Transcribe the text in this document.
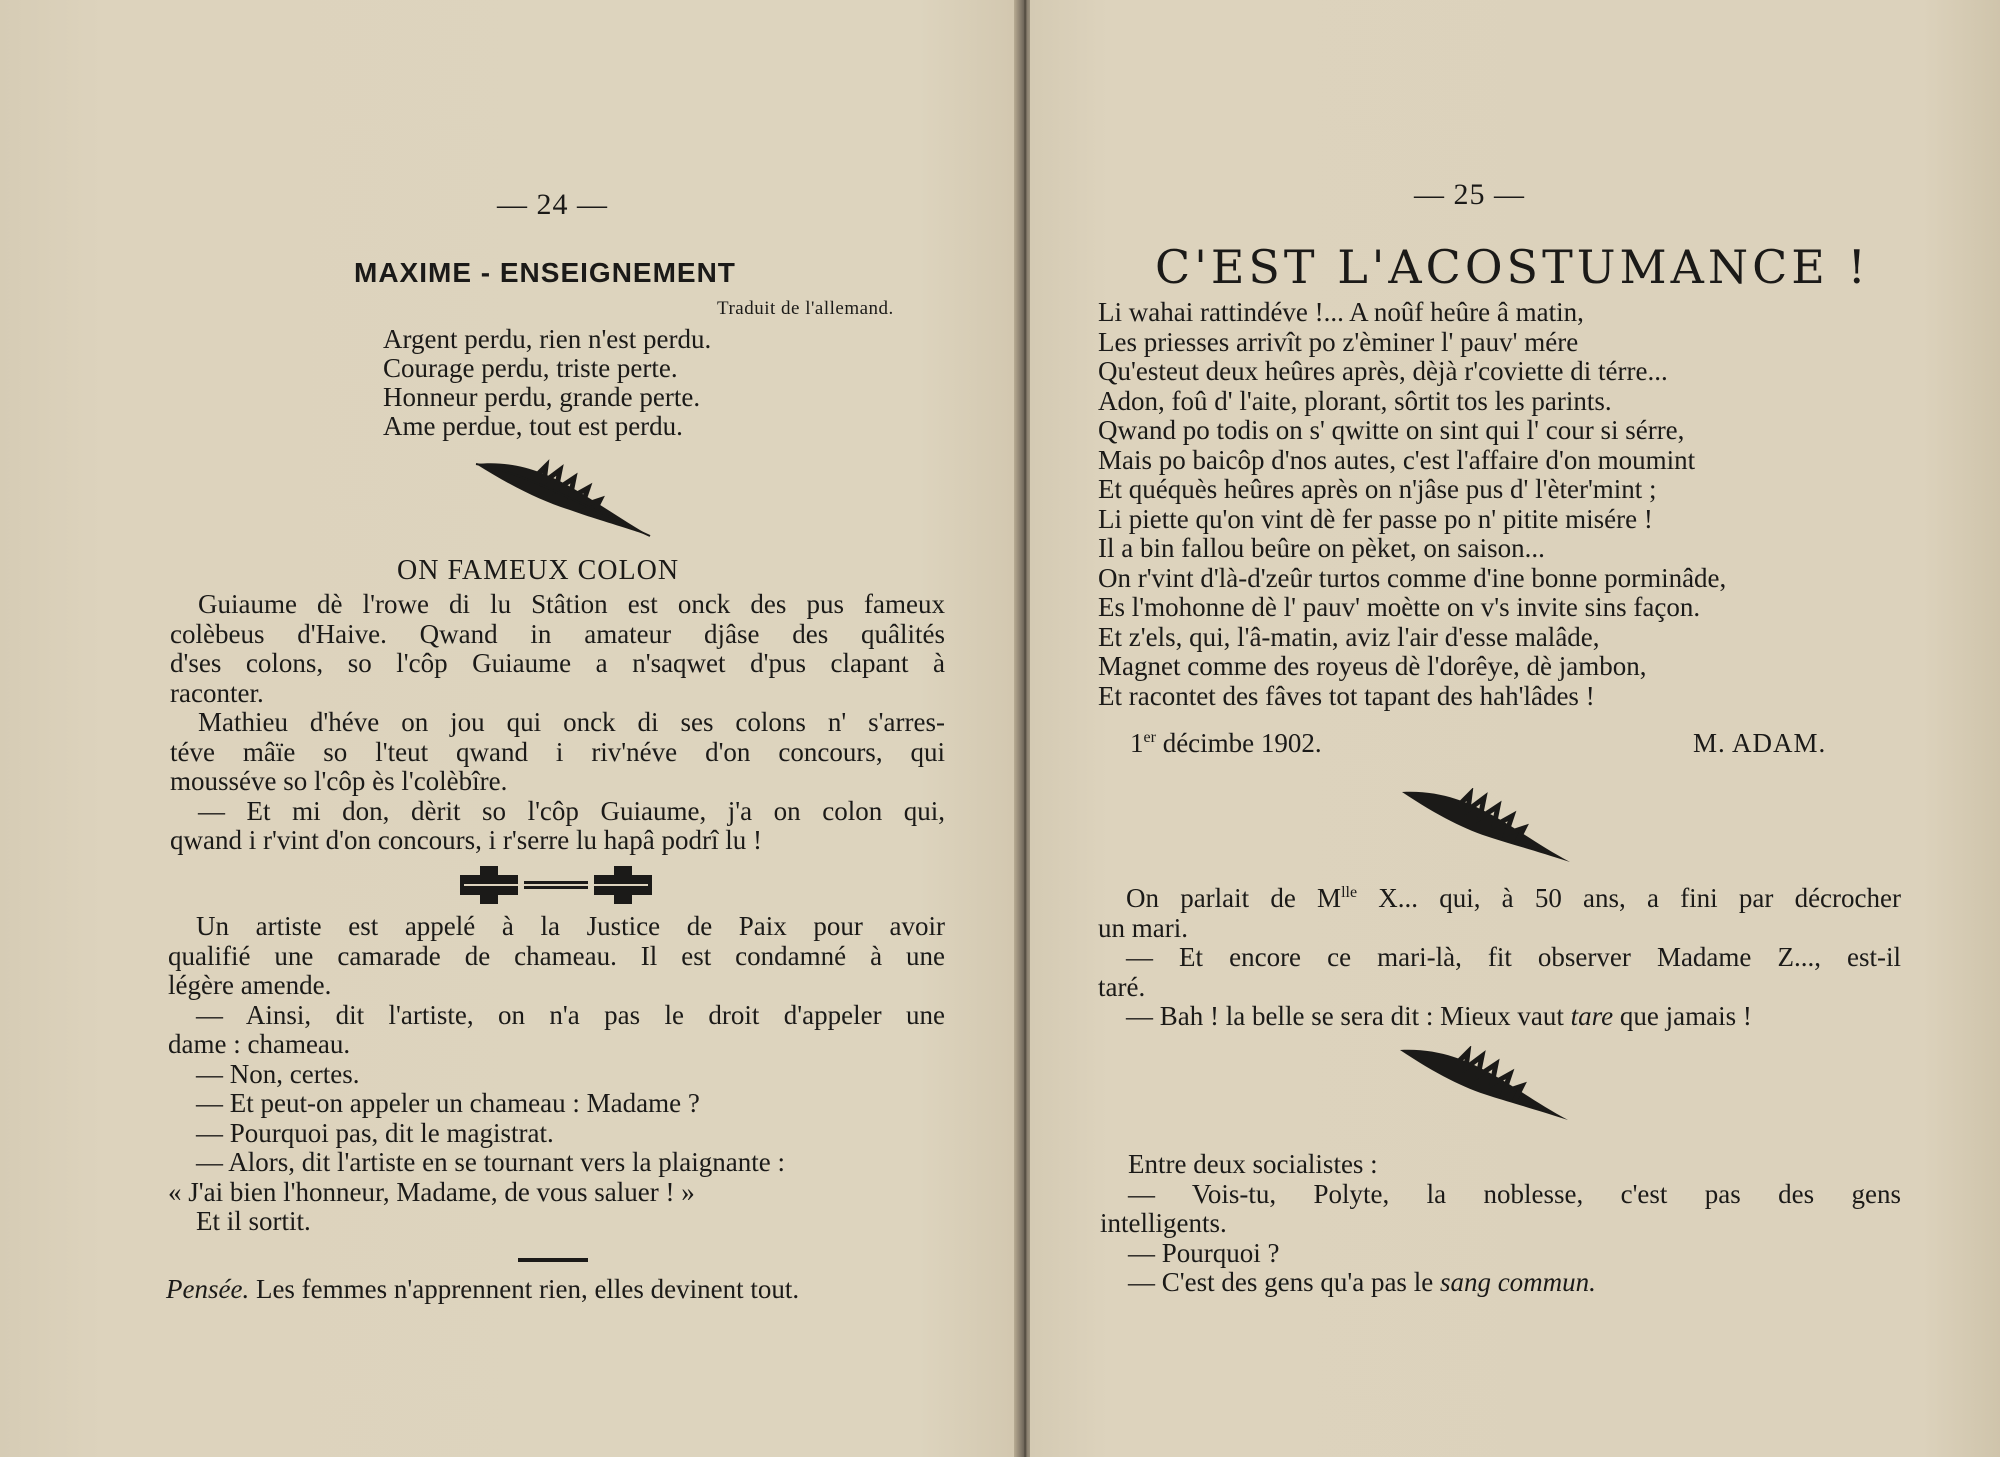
— 24 —
MAXIME - ENSEIGNEMENT
Traduit de l'allemand.
Argent perdu, rien n'est perdu.
Courage perdu, triste perte.
Honneur perdu, grande perte.
Ame perdue, tout est perdu.
ON FAMEUX COLON
Guiaume dè l'rowe di lu Stâtion est onck des pus fameux
colèbeus d'Haive. Qwand in amateur djâse des quâlités
d'ses colons, so l'côp Guiaume a n'saqwet d'pus clapant à
raconter.
Mathieu d'héve on jou qui onck di ses colons n' s'arres-
téve mâïe so l'teut qwand i riv'néve d'on concours, qui
mousséve so l'côp ès l'colèbîre.
— Et mi don, dèrit so l'côp Guiaume, j'a on colon qui,
qwand i r'vint d'on concours, i r'serre lu hapâ podrî lu !
Un artiste est appelé à la Justice de Paix pour avoir
qualifié une camarade de chameau. Il est condamné à une
légère amende.
— Ainsi, dit l'artiste, on n'a pas le droit d'appeler une
dame : chameau.
— Non, certes.
— Et peut-on appeler un chameau : Madame ?
— Pourquoi pas, dit le magistrat.
— Alors, dit l'artiste en se tournant vers la plaignante :
« J'ai bien l'honneur, Madame, de vous saluer ! »
Et il sortit.
Pensée. Les femmes n'apprennent rien, elles devinent tout.
— 25 —
C'EST L'ACOSTUMANCE !
Li wahai rattindéve !... A noûf heûre â matin,
Les priesses arrivît po z'èminer l' pauv' mére
Qu'esteut deux heûres après, dèjà r'coviette di térre...
Adon, foû d' l'aite, plorant, sôrtit tos les parints.
Qwand po todis on s' qwitte on sint qui l' cour si sérre,
Mais po baicôp d'nos autes, c'est l'affaire d'on moumint
Et quéquès heûres après on n'jâse pus d' l'èter'mint ;
Li piette qu'on vint dè fer passe po n' pitite misére !
Il a bin fallou beûre on pèket, on saison...
On r'vint d'là-d'zeûr turtos comme d'ine bonne porminâde,
Es l'mohonne dè l' pauv' moètte on v's invite sins façon.
Et z'els, qui, l'â-matin, aviz l'air d'esse malâde,
Magnet comme des royeus dè l'dorêye, dè jambon,
Et racontet des fâves tot tapant des hah'lâdes !
1er décimbe 1902.	M. ADAM.
On parlait de $M^{lle}$ X... qui, à 50 ans, a fini par décrocher
un mari.
— Et encore ce mari-là, fit observer Madame Z..., est-il
taré.
— Bah ! la belle se sera dit : Mieux vaut tare que jamais !
Entre deux socialistes :
— Vois-tu, Polyte, la noblesse, c'est pas des gens
intelligents.
— Pourquoi ?
— C'est des gens qu'a pas le sang commun.
